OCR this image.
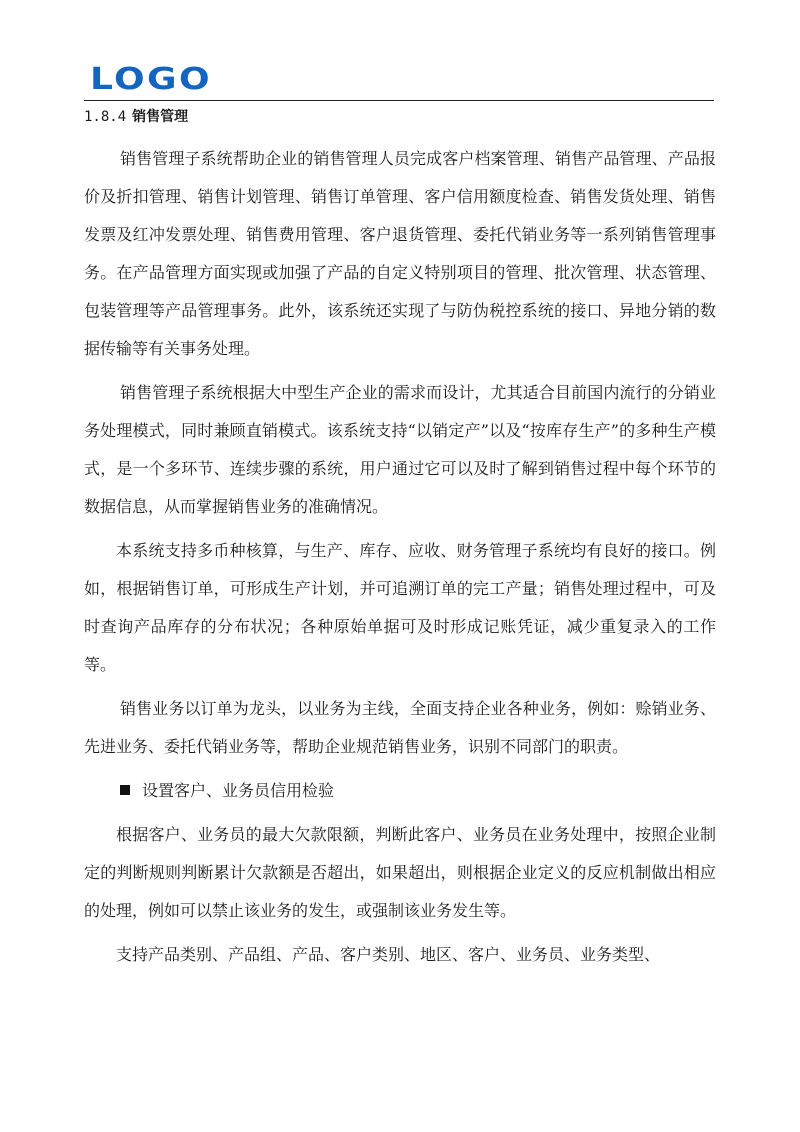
LOGO
1.8.4 销售管理

销售管理子系统帮助企业的销售管理人员完成客户档案管理、销售产品管理、产品报价及折扣管理、销售计划管理、销售订单管理、客户信用额度检查、销售发货处理、销售发票及红冲发票处理、销售费用管理、客户退货管理、委托代销业务等一系列销售管理事务。在产品管理方面实现或加强了产品的自定义特别项目的管理、批次管理、状态管理、包装管理等产品管理事务。此外，该系统还实现了与防伪税控系统的接口、异地分销的数据传输等有关事务处理。

销售管理子系统根据大中型生产企业的需求而设计，尤其适合目前国内流行的分销业务处理模式，同时兼顾直销模式。该系统支持“以销定产”以及“按库存生产”的多种生产模式，是一个多环节、连续步骤的系统，用户通过它可以及时了解到销售过程中每个环节的数据信息，从而掌握销售业务的准确情况。

本系统支持多币种核算，与生产、库存、应收、财务管理子系统均有良好的接口。例如，根据销售订单，可形成生产计划，并可追溯订单的完工产量；销售处理过程中，可及时查询产品库存的分布状况；各种原始单据可及时形成记账凭证，减少重复录入的工作等。

销售业务以订单为龙头，以业务为主线，全面支持企业各种业务，例如：赊销业务、先进业务、委托代销业务等，帮助企业规范销售业务，识别不同部门的职责。

设置客户、业务员信用检验

根据客户、业务员的最大欠款限额，判断此客户、业务员在业务处理中，按照企业制定的判断规则判断累计欠款额是否超出，如果超出，则根据企业定义的反应机制做出相应的处理，例如可以禁止该业务的发生，或强制该业务发生等。

支持产品类别、产品组、产品、客户类别、地区、客户、业务员、业务类型、
